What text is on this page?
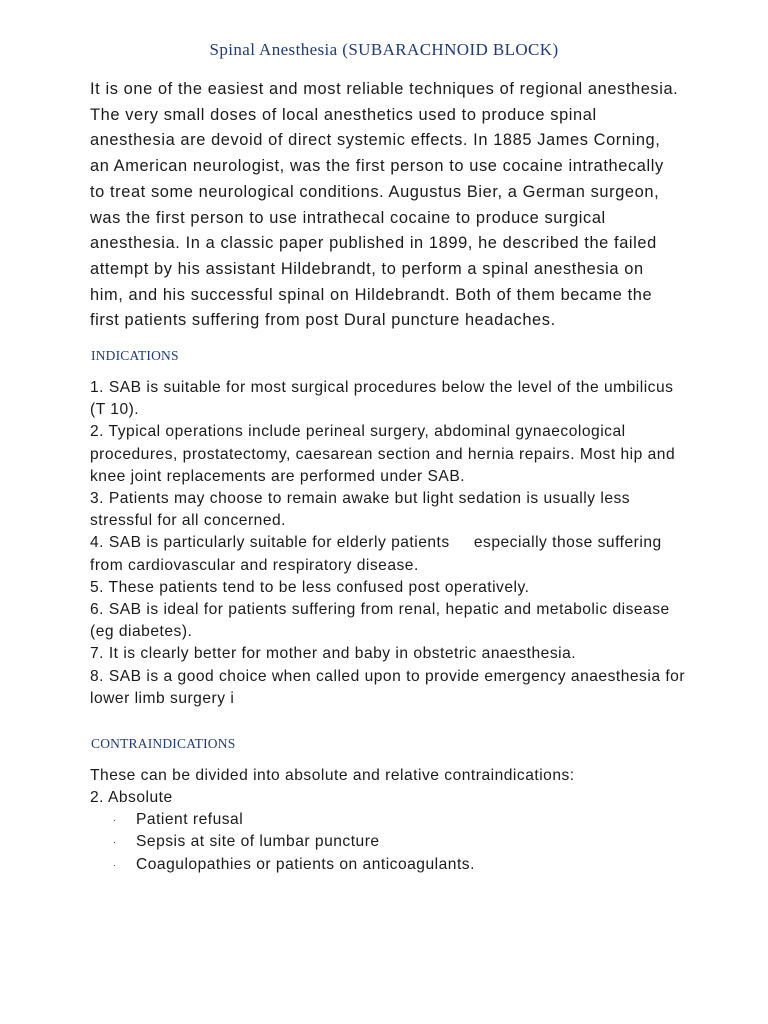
Spinal Anesthesia (SUBARACHNOID BLOCK)

It is one of the easiest and most reliable techniques of regional anesthesia. The very small doses of local anesthetics used to produce spinal anesthesia are devoid of direct systemic effects. In 1885 James Corning, an American neurologist, was the first person to use cocaine intrathecally to treat some neurological conditions. Augustus Bier, a German surgeon, was the first person to use intrathecal cocaine to produce surgical anesthesia. In a classic paper published in 1899, he described the failed attempt by his assistant Hildebrandt, to perform a spinal anesthesia on him, and his successful spinal on Hildebrandt. Both of them became the first patients suffering from post Dural puncture headaches.

INDICATIONS

1. SAB is suitable for most surgical procedures below the level of the umbilicus (T 10).

2. Typical operations include perineal surgery, abdominal gynaecological procedures, prostatectomy, caesarean section and hernia repairs. Most hip and knee joint replacements are performed under SAB.

3. Patients may choose to remain awake but light sedation is usually less stressful for all concerned.

4. SAB is particularly suitable for elderly patients     especially those suffering from cardiovascular and respiratory disease.

5. These patients tend to be less confused post operatively.

6. SAB is ideal for patients suffering from renal, hepatic and metabolic disease (eg diabetes).

7. It is clearly better for mother and baby in obstetric anaesthesia.

8. SAB is a good choice when called upon to provide emergency anaesthesia for lower limb surgery i

CONTRAINDICATIONS

These can be divided into absolute and relative contraindications:

2. Absolute

· Patient refusal
· Sepsis at site of lumbar puncture
· Coagulopathies or patients on anticoagulants.
